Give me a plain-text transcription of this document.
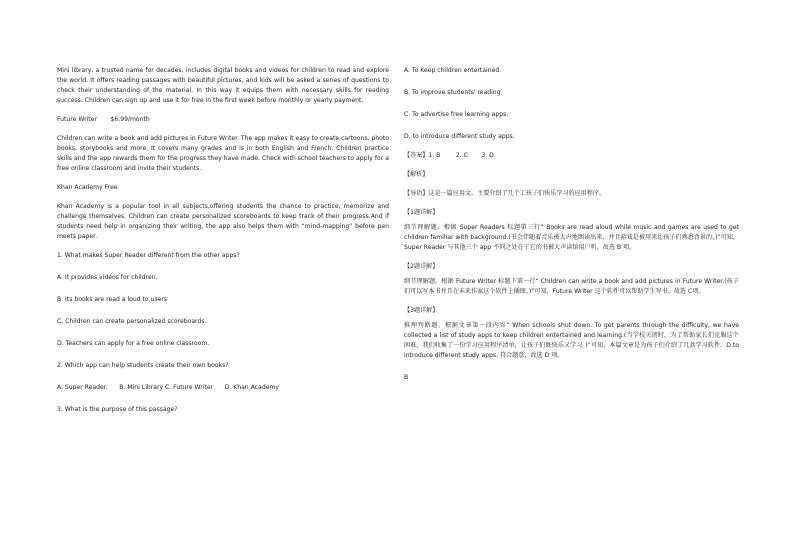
Mini library, a trusted name for decades, includes digital books and videos for children to read and explore the world. It offers reading passages with beautiful pictures, and kids will be asked a series of questions to check their understanding of the material. In this way it equips them with necessary skills for reading success. Children can sign up and use it for free in the first week before monthly or yearly payment.

Future Writer $6.99/month

Children can write a book and add pictures in Future Writer. The app makes it easy to create cartoons. photo books, storybooks and more. It covers many grades and is in both English and French. Children practice skills and the app rewards them for the progress they have made. Check with school teachers to apply for a free online classroom and invite their students.

Khan Academy Free

Khan Academy is a popular tool in all subjects,offering students the chance to practice, memorize and challenge themselves. Children can create personalized scoreboards to keep track of their progress.And if students need help in organizing their writing, the app also helps them with “mind-mapping” before pen meets paper.

1. What makes Super Reader different from the other apps?

A. It provides videos for children.

B. Its books are read a loud to users

C. Children can create personalized scoreboards.

D. Teachers can apply for a free online classroom.

2. Which app can help students create their own books?

A. Super Reader. B. Mini Library C. Future Writer D. Khan Academy

3. What is the purpose of this passage?

A. To Keep children entertained.

B. To improve students' reading

C. To advertise free learning apps.

D. to introduce different study apps.

【答案】1. B	2. C 3. D

【解析】

【导语】这是一篇应用文。主要介绍了几个工孩子们快乐学习的应用程序。

【1题详解】

细节理解题。根据 Super Readers 标题第三行“ Books are read aloud while music and games are used to get children familiar with background.(书会伴随着音乐被大声地朗读出来，并且游戏是被用来让孩子们熟悉背景的。)”可知，Super Reader 与其他三个 app 不同之处在于它的书被大声读给用户听。故选 B 项。

【2题详解】

细节理解题。根据 Future Writer 标题下第一行“ Children can write a book and add pictures in Future Writer.(孩子们可以写本书并且在未来作家这个软件上插图。)”可知，Future Writer 这个软件可以帮助学生写书。故选 C项。

【3题详解】

推理判断题。根据文章第一段内容“ When schools shut down. To get parents through the difficulty, we have collected a list of study apps to keep children entertained and learning.(当学校关闭时，为了帮助家长们克服这个困难，我们收集了一份学习应用程序清单，让孩子们既快乐又学习。)”可知，本篇文章是为孩子们介绍了几款学习软件。D.to introduce different study apps. 符合题意，故选 D 项。

B
